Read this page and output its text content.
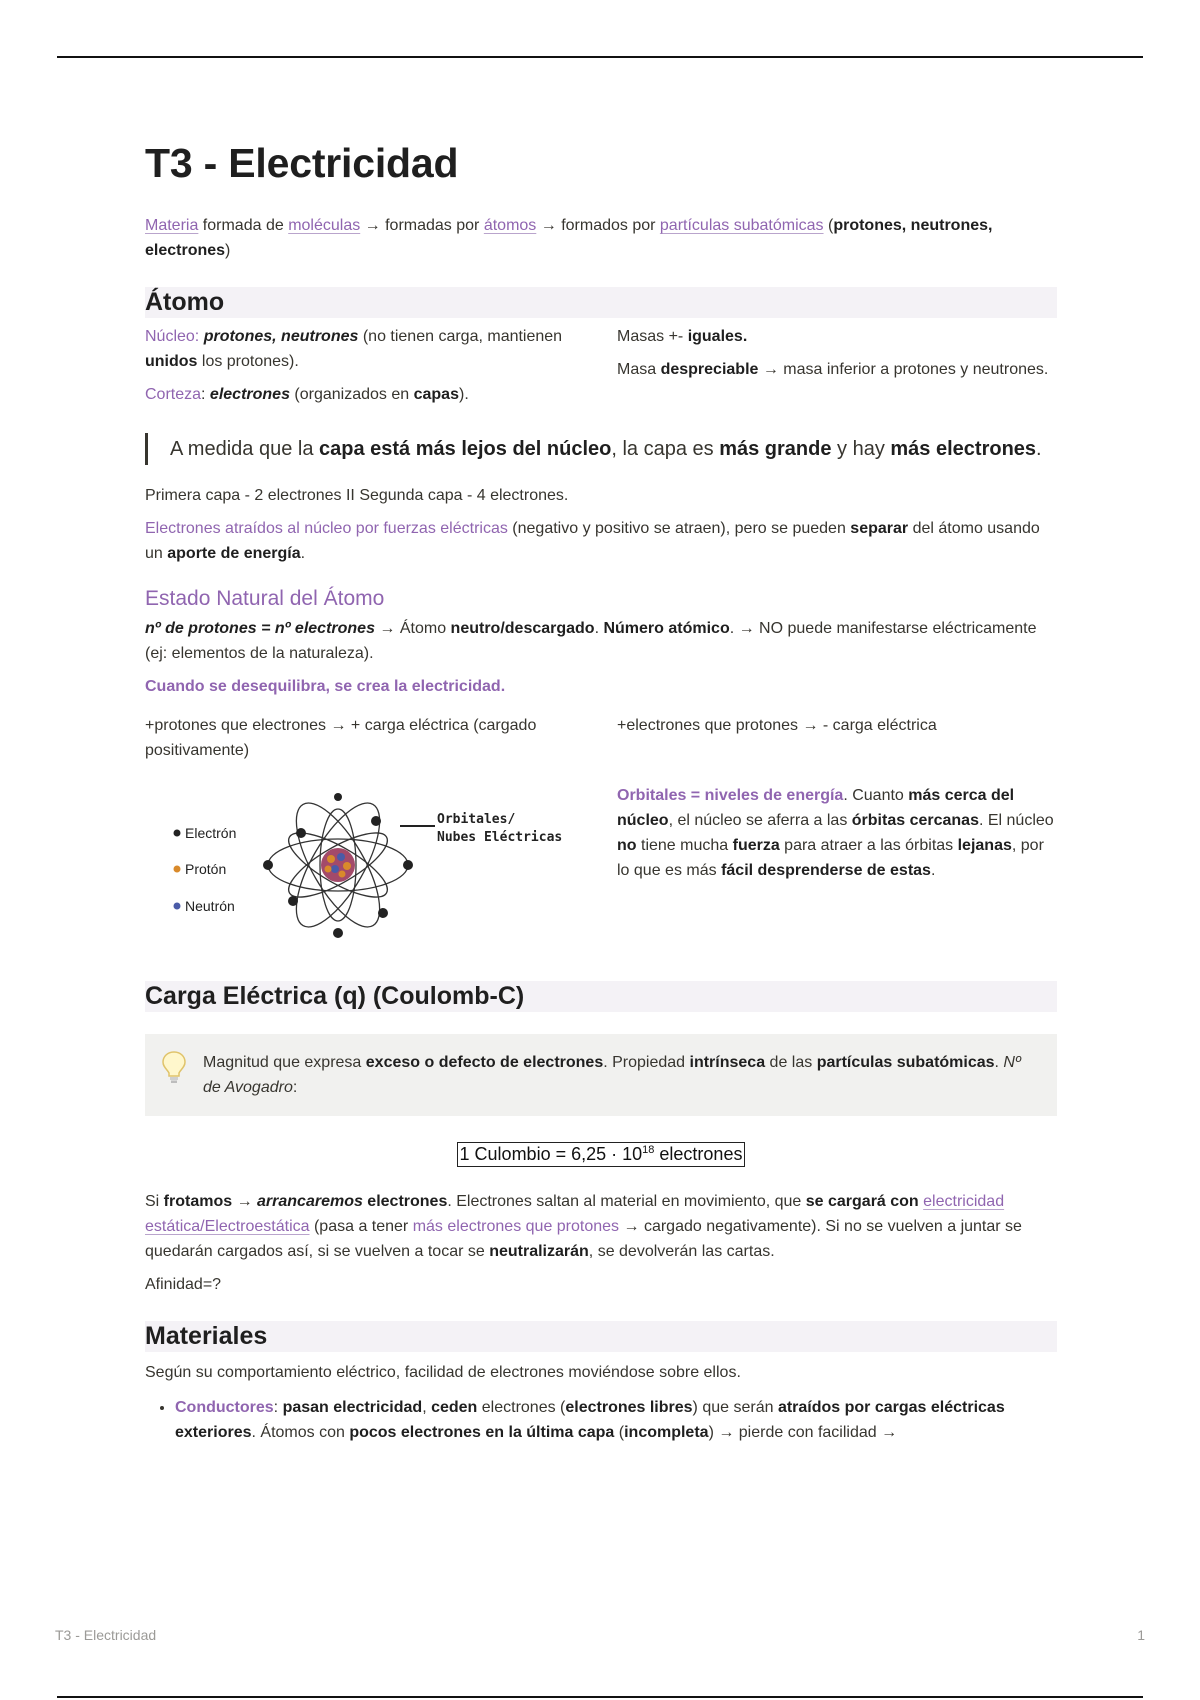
T3 - Electricidad

Materia formada de moléculas → formadas por átomos → formados por partículas subatómicas (protones, neutrones, electrones)

Átomo

Núcleo: protones, neutrones (no tienen carga, mantienen unidos los protones).

Corteza: electrones (organizados en capas).

Masas +- iguales.

Masa despreciable → masa inferior a protones y neutrones.

A medida que la capa está más lejos del núcleo, la capa es más grande y hay más electrones.

Primera capa - 2 electrones II Segunda capa - 4 electrones.

Electrones atraídos al núcleo por fuerzas eléctricas (negativo y positivo se atraen), pero se pueden separar del átomo usando un aporte de energía.

Estado Natural del Átomo

nº de protones = nº electrones → Átomo neutro/descargado. Número atómico. → NO puede manifestarse eléctricamente (ej: elementos de la naturaleza).

Cuando se desequilibra, se crea la electricidad.

+protones que electrones → + carga eléctrica (cargado positivamente)

+electrones que protones → - carga eléctrica

Electrón
Protón
Neutrón
Orbitales/
Nubes Eléctricas

Orbitales = niveles de energía. Cuanto más cerca del núcleo, el núcleo se aferra a las órbitas cercanas. El núcleo no tiene mucha fuerza para atraer a las órbitas lejanas, por lo que es más fácil desprenderse de estas.

Carga Eléctrica (q) (Coulomb-C)

Magnitud que expresa exceso o defecto de electrones. Propiedad intrínseca de las partículas subatómicas. Nº de Avogadro:

1 Culombio = $6,25 \cdot 10^{18}$ electrones

Si frotamos → arrancaremos electrones. Electrones saltan al material en movimiento, que se cargará con electricidad estática/Electroestática (pasa a tener más electrones que protones → cargado negativamente). Si no se vuelven a juntar se quedarán cargados así, si se vuelven a tocar se neutralizarán, se devolverán las cartas.

Afinidad=?

Materiales

Según su comportamiento eléctrico, facilidad de electrones moviéndose sobre ellos.

• Conductores: pasan electricidad, ceden electrones (electrones libres) que serán atraídos por cargas eléctricas exteriores. Átomos con pocos electrones en la última capa (incompleta) → pierde con facilidad →
T3 - Electricidad	1
